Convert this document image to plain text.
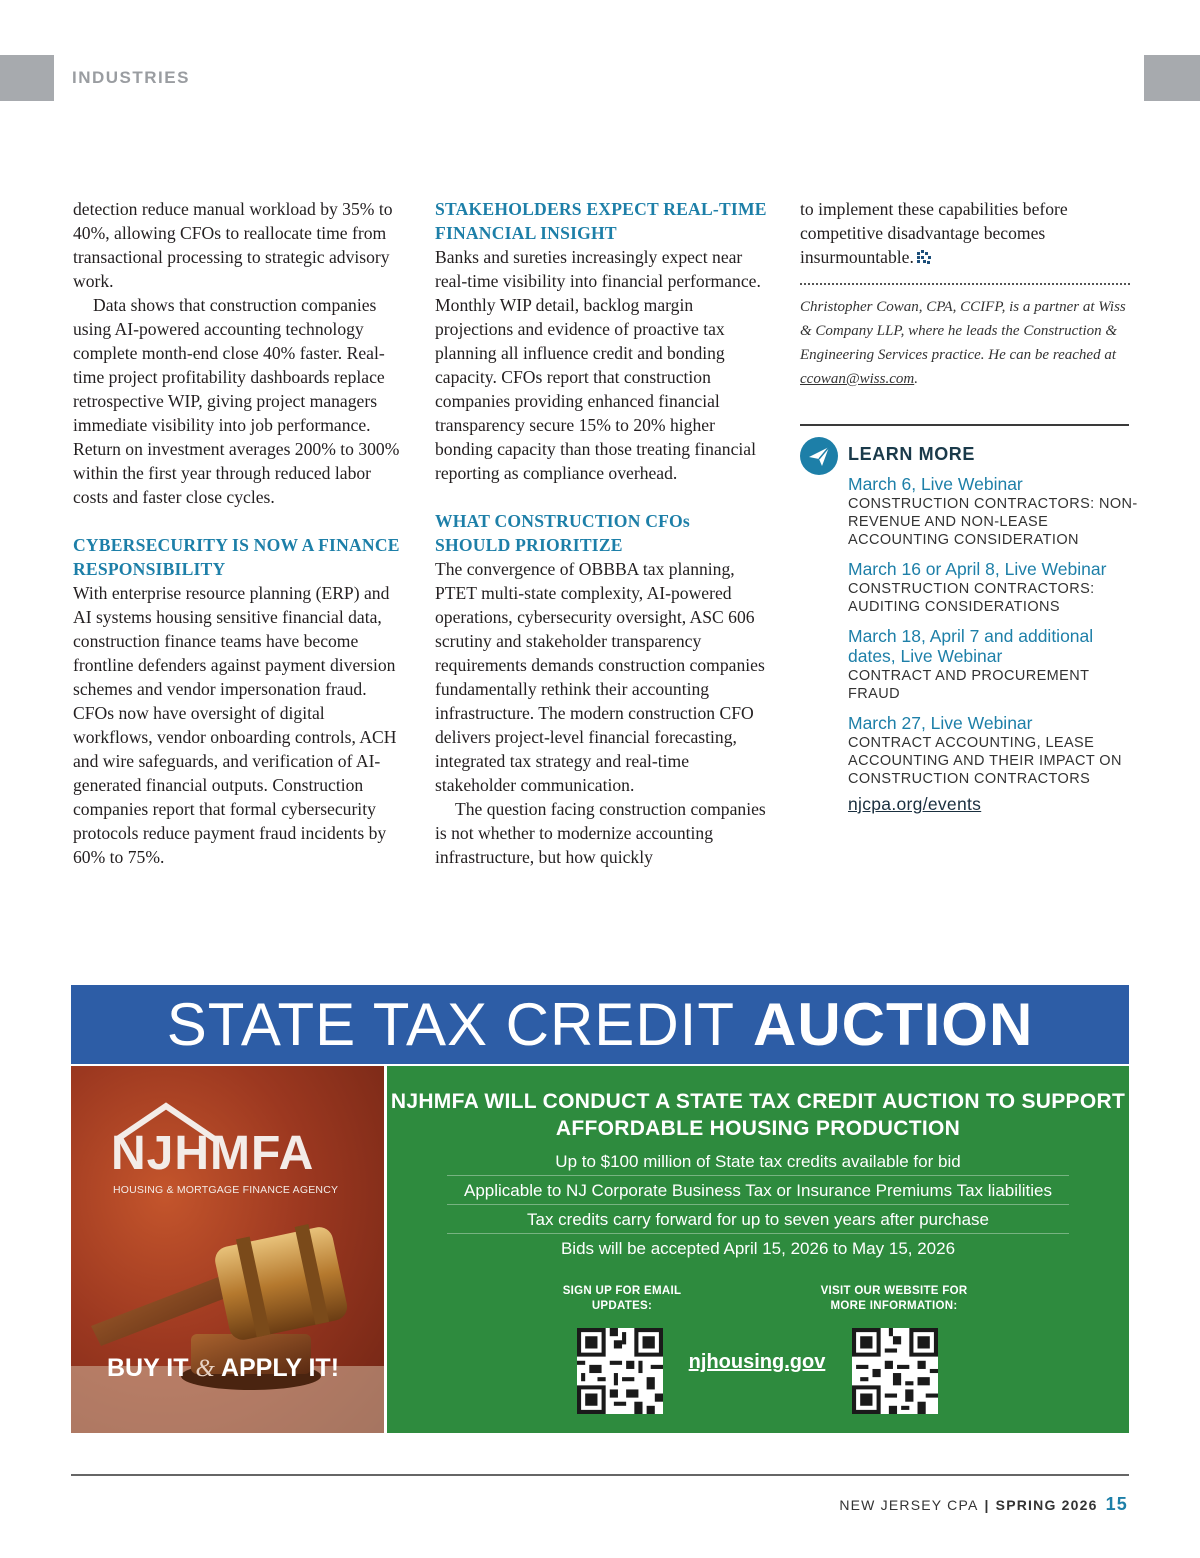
INDUSTRIES

detection reduce manual workload by 35% to 40%, allowing CFOs to reallocate time from transactional processing to strategic advisory work.

Data shows that construction companies using AI-powered accounting technology complete month-end close 40% faster. Real-time project profitability dashboards replace retrospective WIP, giving project managers immediate visibility into job performance. Return on investment averages 200% to 300% within the first year through reduced labor costs and faster close cycles.

CYBERSECURITY IS NOW A FINANCE RESPONSIBILITY

With enterprise resource planning (ERP) and AI systems housing sensitive financial data, construction finance teams have become frontline defenders against payment diversion schemes and vendor impersonation fraud. CFOs now have oversight of digital workflows, vendor onboarding controls, ACH and wire safeguards, and verification of AI-generated financial outputs. Construction companies report that formal cybersecurity protocols reduce payment fraud incidents by 60% to 75%.

STAKEHOLDERS EXPECT REAL-TIME FINANCIAL INSIGHT

Banks and sureties increasingly expect near real-time visibility into financial performance. Monthly WIP detail, backlog margin projections and evidence of proactive tax planning all influence credit and bonding capacity. CFOs report that construction companies providing enhanced financial transparency secure 15% to 20% higher bonding capacity than those treating financial reporting as compliance overhead.

WHAT CONSTRUCTION CFOs SHOULD PRIORITIZE

The convergence of OBBBA tax planning, PTET multi-state complexity, AI-powered operations, cybersecurity oversight, ASC 606 scrutiny and stakeholder transparency requirements demands construction companies fundamentally rethink their accounting infrastructure. The modern construction CFO delivers project-level financial forecasting, integrated tax strategy and real-time stakeholder communication.

The question facing construction companies is not whether to modernize accounting infrastructure, but how quickly

to implement these capabilities before competitive disadvantage becomes insurmountable.

Christopher Cowan, CPA, CCIFP, is a partner at Wiss & Company LLP, where he leads the Construction & Engineering Services practice. He can be reached at ccowan@wiss.com.

LEARN MORE
March 6, Live Webinar
CONSTRUCTION CONTRACTORS: NON-REVENUE AND NON-LEASE ACCOUNTING CONSIDERATION
March 16 or April 8, Live Webinar
CONSTRUCTION CONTRACTORS: AUDITING CONSIDERATIONS
March 18, April 7 and additional dates, Live Webinar
CONTRACT AND PROCUREMENT FRAUD
March 27, Live Webinar
CONTRACT ACCOUNTING, LEASE ACCOUNTING AND THEIR IMPACT ON CONSTRUCTION CONTRACTORS
njcpa.org/events
STATE TAX CREDIT AUCTION
NJHMFA
HOUSING & MORTGAGE FINANCE AGENCY
BUY IT & APPLY IT!
NJHMFA WILL CONDUCT A STATE TAX CREDIT AUCTION TO SUPPORT AFFORDABLE HOUSING PRODUCTION
Up to $100 million of State tax credits available for bid
Applicable to NJ Corporate Business Tax or Insurance Premiums Tax liabilities
Tax credits carry forward for up to seven years after purchase
Bids will be accepted April 15, 2026 to May 15, 2026
SIGN UP FOR EMAIL UPDATES:
VISIT OUR WEBSITE FOR MORE INFORMATION:
njhousing.gov
NEW JERSEY CPA | SPRING 2026 15
